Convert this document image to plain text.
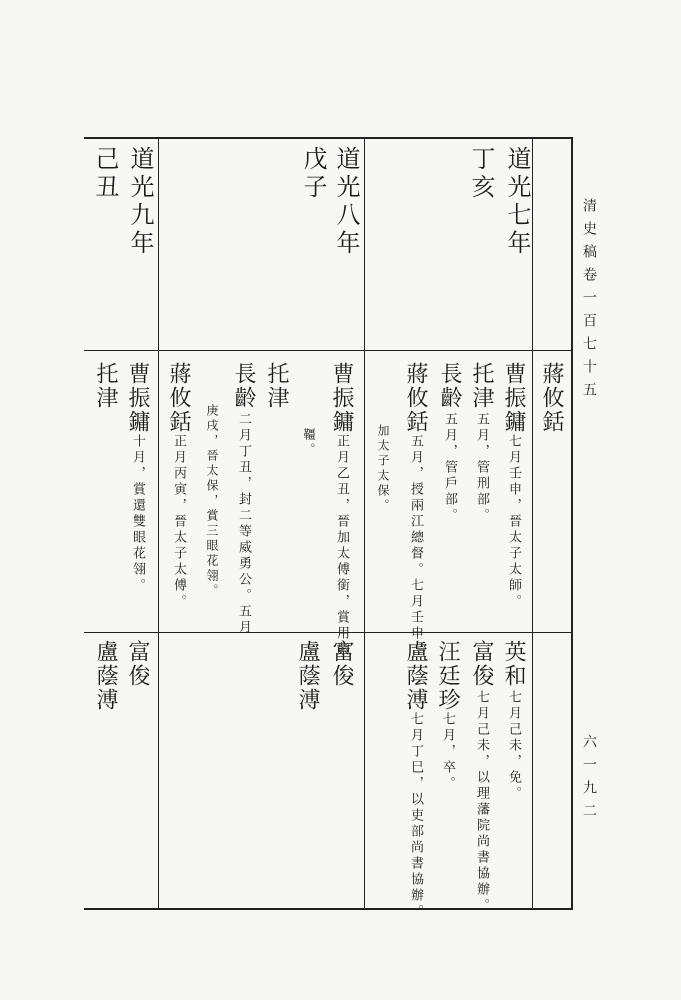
清史稿卷一百七十五
六一九二
道光七年
丁亥
道光八年
戊子
道光九年
己丑
蔣攸銛
曹振鏞
七月壬申，晉太子太師。
托津
五月，管刑部。
長齡
五月，管戶部。
蔣攸銛
五月，授兩江總督。七月壬申，
加太子太保。
曹振鏞
正月乙丑，晉加太傅銜，賞用紫
韁。
托津
長齡
二月丁丑，封二等威勇公。五月
庚戌，晉太保，賞三眼花翎。
蔣攸銛
正月丙寅，晉太子太傅。
曹振鏞
十月，賞還雙眼花翎。
托津
英和
七月己未，免。
富俊
七月己未，以理藩院尚書協辦。
汪廷珍
七月，卒。
盧蔭溥
七月丁巳，以吏部尚書協辦。
富俊
盧蔭溥
富俊
盧蔭溥
